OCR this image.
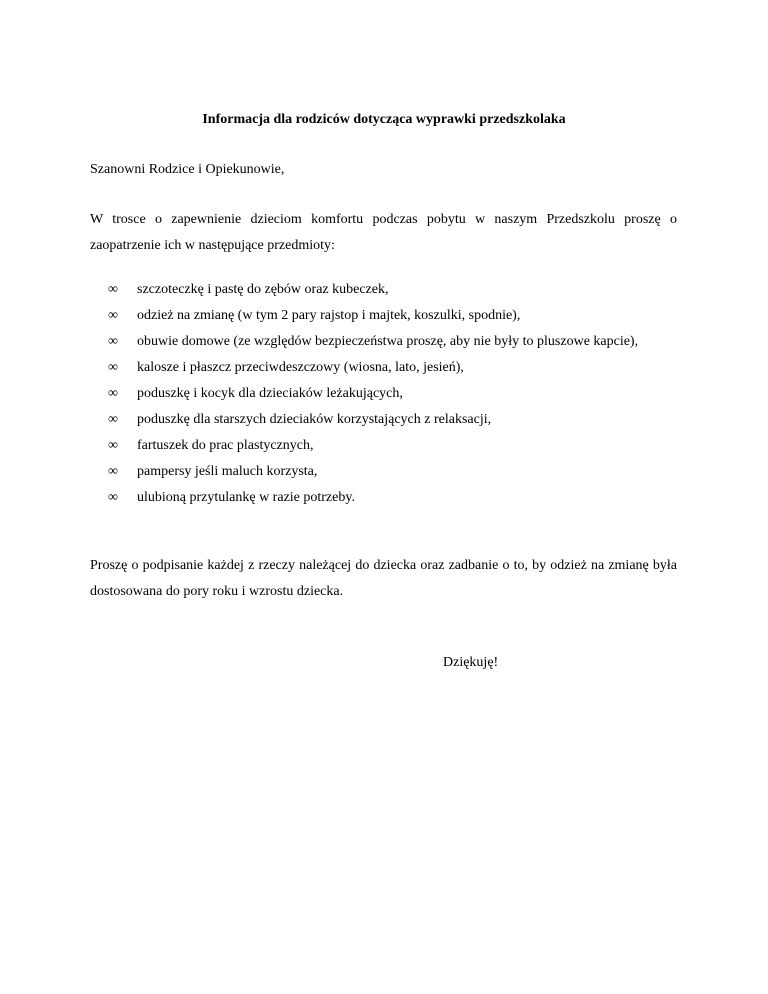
Informacja dla rodziców dotycząca wyprawki przedszkolaka
Szanowni Rodzice i Opiekunowie,
W trosce o zapewnienie dzieciom komfortu podczas pobytu w naszym Przedszkolu proszę o zaopatrzenie ich w następujące przedmioty:
∞ szczoteczkę i pastę do zębów oraz kubeczek,
∞ odzież na zmianę (w tym 2 pary rajstop i majtek, koszulki, spodnie),
∞ obuwie domowe (ze względów bezpieczeństwa proszę, aby nie były to pluszowe kapcie),
∞ kalosze i płaszcz przeciwdeszczowy (wiosna, lato, jesień),
∞ poduszkę i kocyk dla dzieciaków leżakujących,
∞ poduszkę dla starszych dzieciaków korzystających z relaksacji,
∞ fartuszek do prac plastycznych,
∞ pampersy jeśli maluch korzysta,
∞ ulubioną przytulankę w razie potrzeby.
Proszę o podpisanie każdej z rzeczy należącej do dziecka oraz zadbanie o to, by odzież na zmianę była dostosowana do pory roku i wzrostu dziecka.
Dziękuję!
